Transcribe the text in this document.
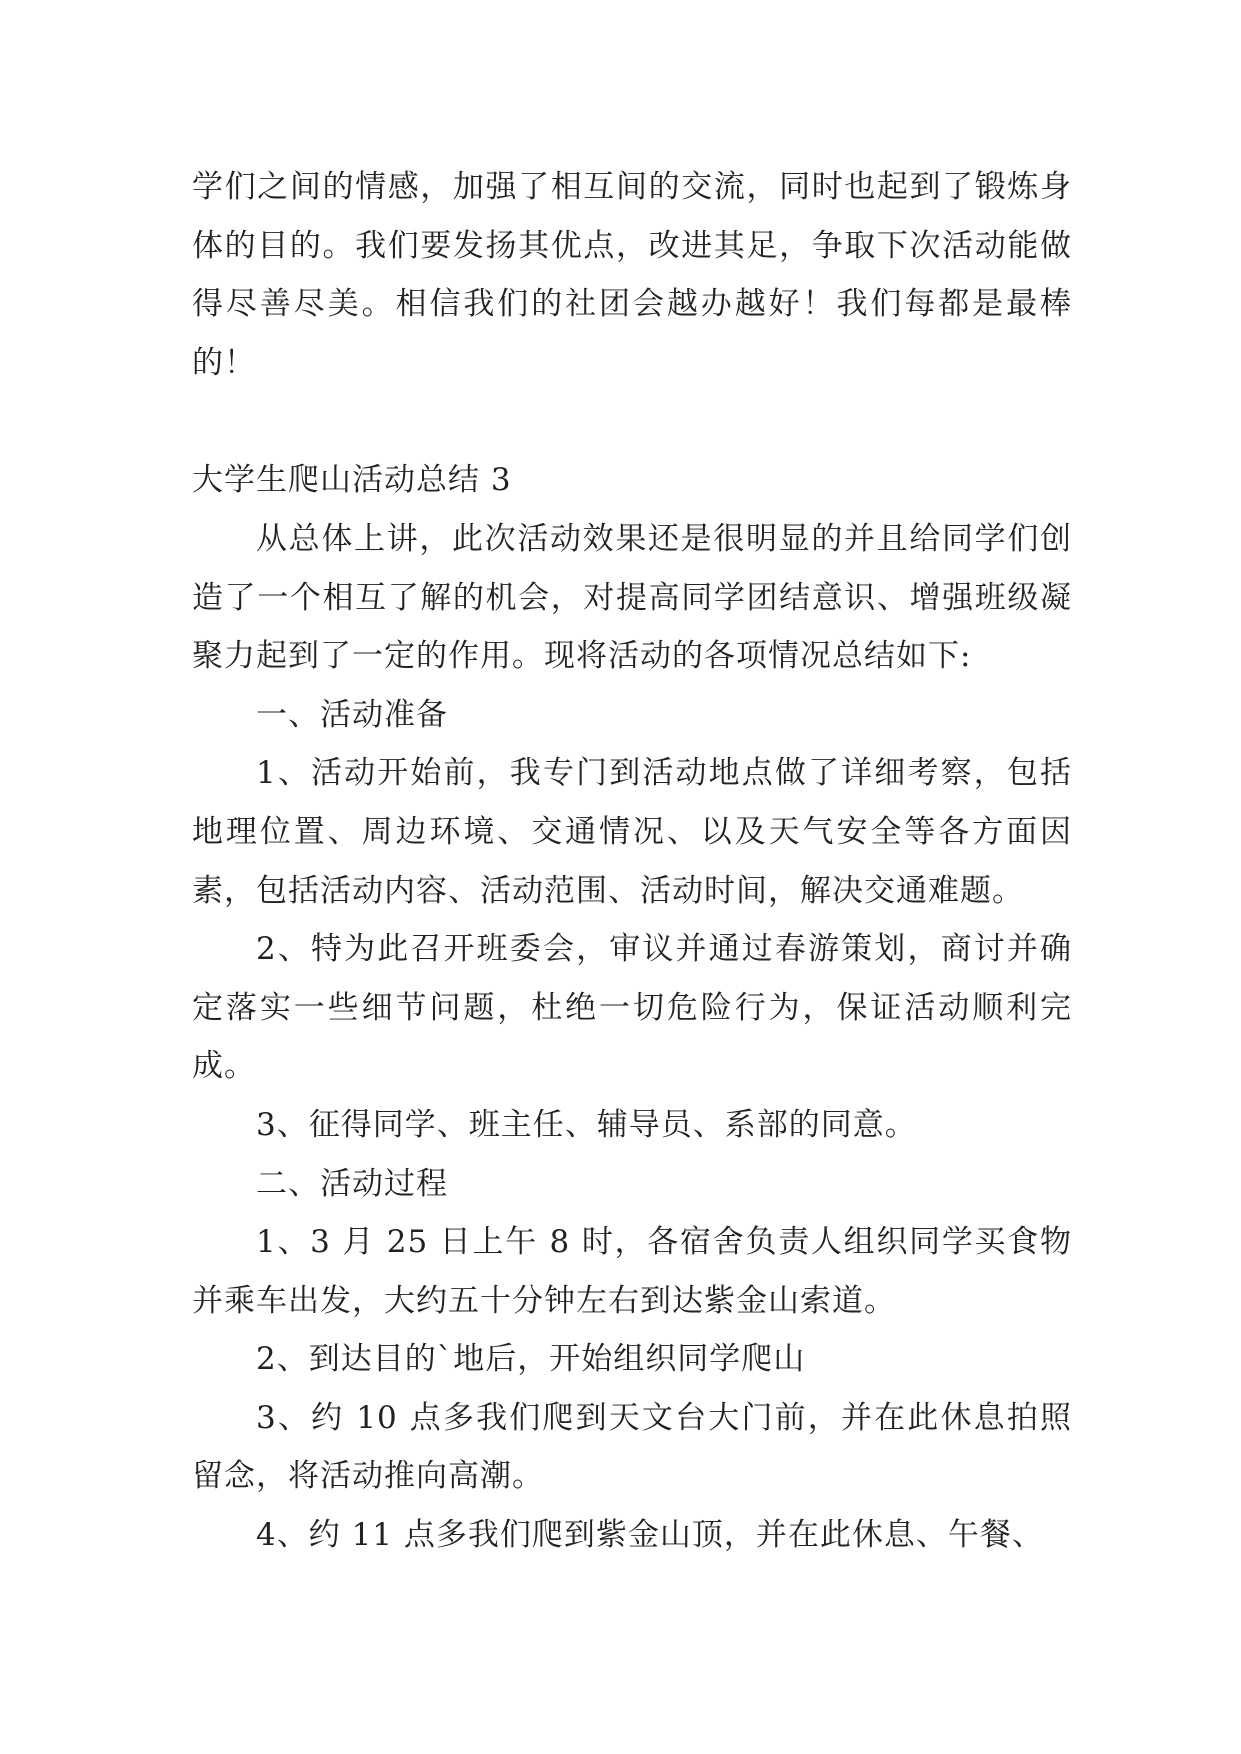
学们之间的情感，加强了相互间的交流，同时也起到了锻炼身体的目的。我们要发扬其优点，改进其足，争取下次活动能做得尽善尽美。相信我们的社团会越办越好！我们每都是最棒的！

大学生爬山活动总结 3

从总体上讲，此次活动效果还是很明显的并且给同学们创造了一个相互了解的机会，对提高同学团结意识、增强班级凝聚力起到了一定的作用。现将活动的各项情况总结如下:

一、活动准备

1、活动开始前，我专门到活动地点做了详细考察，包括地理位置、周边环境、交通情况、以及天气安全等各方面因素，包括活动内容、活动范围、活动时间，解决交通难题。

2、特为此召开班委会，审议并通过春游策划，商讨并确定落实一些细节问题，杜绝一切危险行为，保证活动顺利完成。

3、征得同学、班主任、辅导员、系部的同意。

二、活动过程

1、3 月 25 日上午 8 时，各宿舍负责人组织同学买食物并乘车出发，大约五十分钟左右到达紫金山索道。

2、到达目的`地后，开始组织同学爬山

3、约 10 点多我们爬到天文台大门前，并在此休息拍照留念，将活动推向高潮。

4、约 11 点多我们爬到紫金山顶，并在此休息、午餐、
